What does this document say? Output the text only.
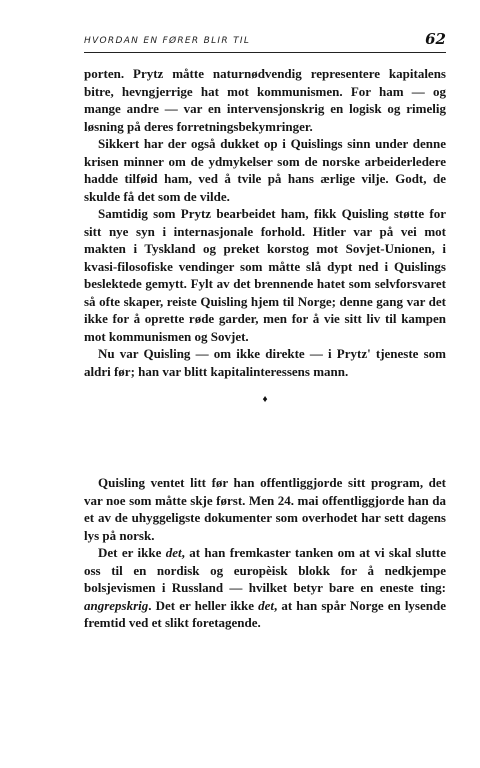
HVORDAN EN FØRER BLIR TIL	62

porten. Prytz måtte naturnødvendig representere kapitalens bitre, hevngjerrige hat mot kommunismen. For ham — og mange andre — var en intervensjonskrig en logisk og rimelig løsning på deres forretningsbekymringer.

Sikkert har der også dukket op i Quislings sinn under denne krisen minner om de ydmykelser som de norske arbeiderledere hadde tilføid ham, ved å tvile på hans ærlige vilje. Godt, de skulde få det som de vilde.

Samtidig som Prytz bearbeidet ham, fikk Quisling støtte for sitt nye syn i internasjonale forhold. Hitler var på vei mot makten i Tyskland og preket korstog mot Sovjet-Unionen, i kvasi-filosofiske vendinger som måtte slå dypt ned i Quislings beslektede gemytt. Fylt av det brennende hatet som selvforsvaret så ofte skaper, reiste Quisling hjem til Norge; denne gang var det ikke for å oprette røde garder, men for å vie sitt liv til kampen mot kommunismen og Sovjet.

Nu var Quisling — om ikke direkte — i Prytz' tjeneste som aldri før; han var blitt kapitalinteressens mann.

♦

Quisling ventet litt før han offentliggjorde sitt program, det var noe som måtte skje først. Men 24. mai offentliggjorde han da et av de uhyggeligste dokumenter som overhodet har sett dagens lys på norsk.

Det er ikke det, at han fremkaster tanken om at vi skal slutte oss til en nordisk og europèisk blokk for å nedkjempe bolsjevismen i Russland — hvilket betyr bare en eneste ting: angrepskrig. Det er heller ikke det, at han spår Norge en lysende fremtid ved et slikt foretagende.
